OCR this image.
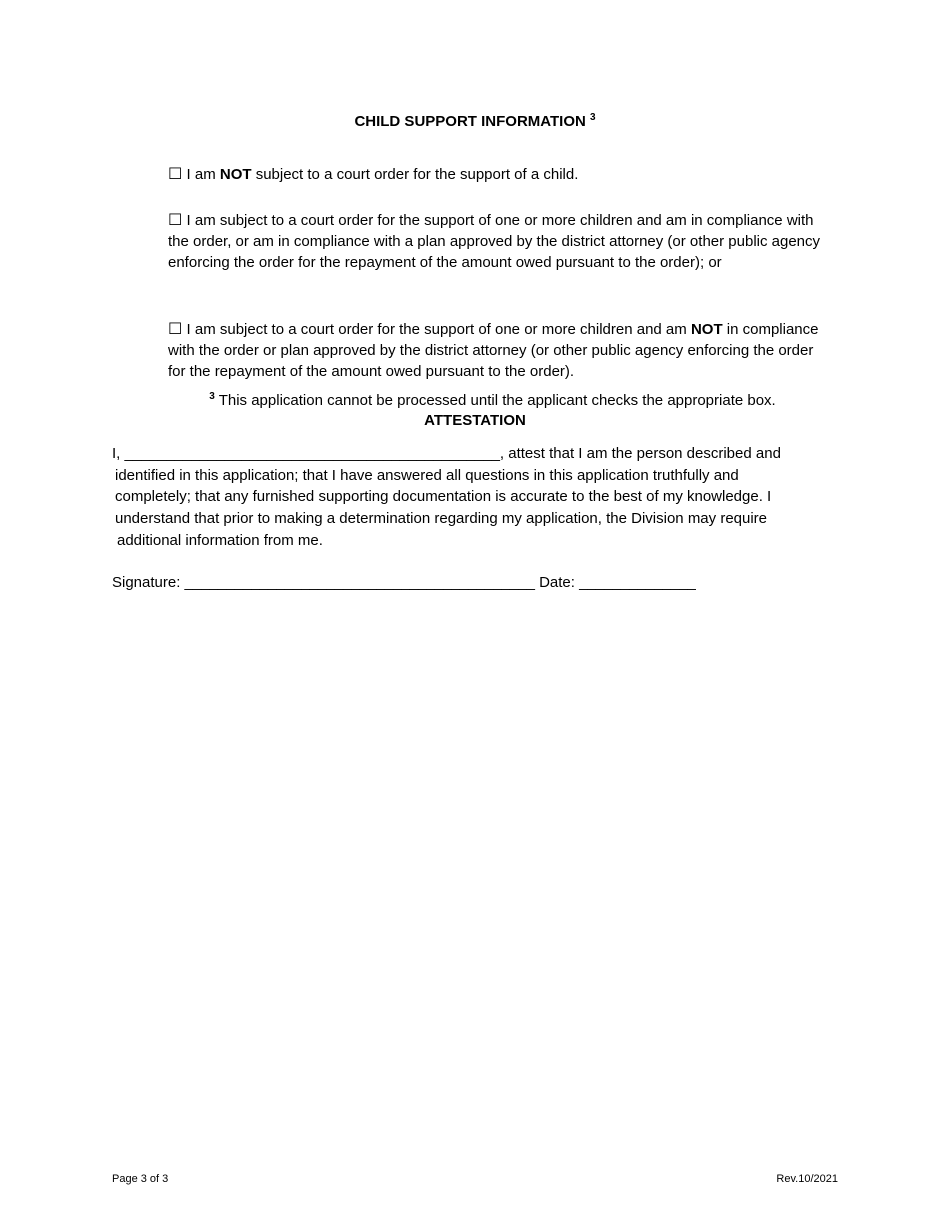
CHILD SUPPORT INFORMATION $^3$
☐ I am NOT subject to a court order for the support of a child.
☐ I am subject to a court order for the support of one or more children and am in compliance with the order, or am in compliance with a plan approved by the district attorney (or other public agency enforcing the order for the repayment of the amount owed pursuant to the order); or
☐ I am subject to a court order for the support of one or more children and am NOT in compliance with the order or plan approved by the district attorney (or other public agency enforcing the order for the repayment of the amount owed pursuant to the order).
$^3$ This application cannot be processed until the applicant checks the appropriate box.
ATTESTATION
I, _____________________________________________, attest that I am the person described and
identified in this application; that I have answered all questions in this application truthfully and
completely; that any furnished supporting documentation is accurate to the best of my knowledge. I
understand that prior to making a determination regarding my application, the Division may require
additional information from me.
Signature: __________________________________________ Date: ______________
Page 3 of 3	Rev.10/2021
